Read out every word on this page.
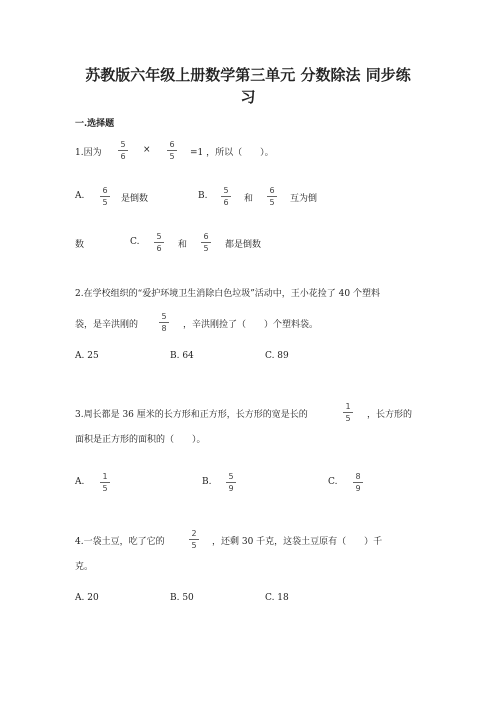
苏教版六年级上册数学第三单元 分数除法 同步练
习
一.选择题
1.因为
5
6
×
6
5	=1 ，所以（　　）。
A.
6
5	是倒数	B.
5
6	和
6
5	互为倒
数	C.
5
6	和
6
5	都是倒数
2.在学校组织的“爱护环境卫生消除白色垃圾”活动中，王小花捡了 40 个塑料
袋，是辛洪刚的
5
8	，辛洪刚捡了（　　）个塑料袋。
A. 25	B. 64	C. 89
3.周长都是 36 厘米的长方形和正方形，长方形的宽是长的
1
5	，长方形的
面积是正方形的面积的（　　）。
A.
1
5
B.
5
9
C.
8
9
4.一袋土豆，吃了它的
2
5	，还剩 30 千克，这袋土豆原有（　　）千
克。
A. 20	B. 50	C. 18
